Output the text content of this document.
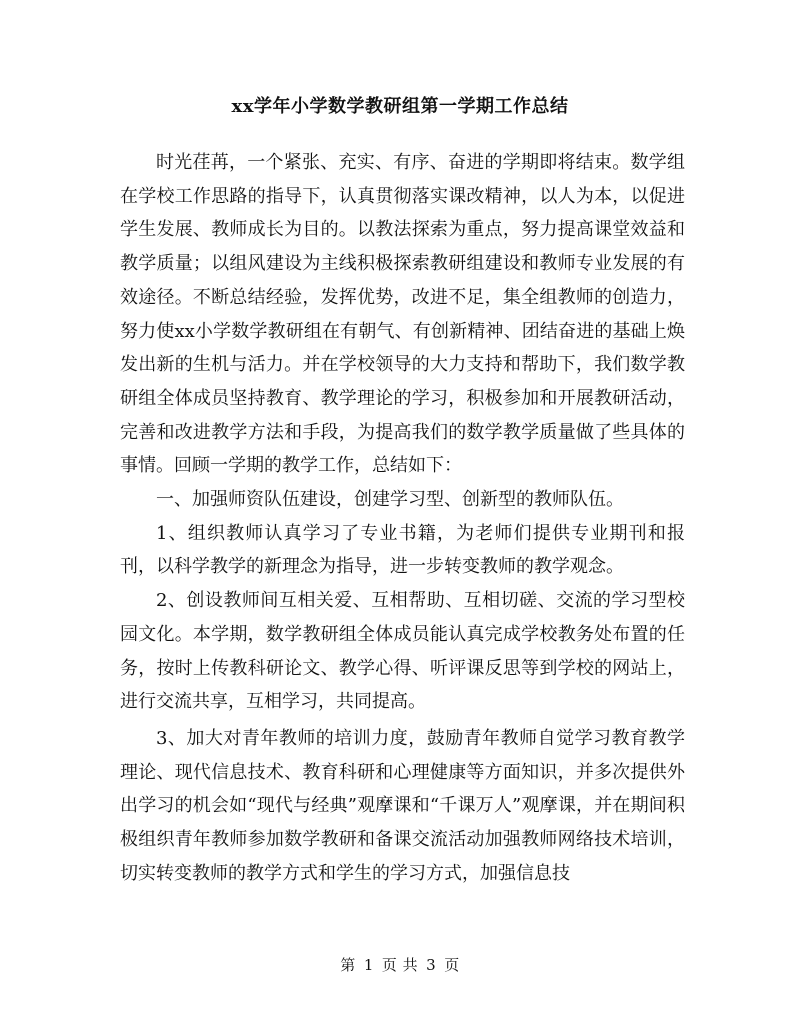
xx学年小学数学教研组第一学期工作总结

时光荏苒，一个紧张、充实、有序、奋进的学期即将结束。数学组在学校工作思路的指导下，认真贯彻落实课改精神，以人为本，以促进学生发展、教师成长为目的。以教法探索为重点，努力提高课堂效益和教学质量；以组风建设为主线积极探索教研组建设和教师专业发展的有效途径。不断总结经验，发挥优势，改进不足，集全组教师的创造力，努力使xx小学数学教研组在有朝气、有创新精神、团结奋进的基础上焕发出新的生机与活力。并在学校领导的大力支持和帮助下，我们数学教研组全体成员坚持教育、教学理论的学习，积极参加和开展教研活动，完善和改进教学方法和手段，为提高我们的数学教学质量做了些具体的事情。回顾一学期的教学工作，总结如下：

一、加强师资队伍建设，创建学习型、创新型的教师队伍。

1、组织教师认真学习了专业书籍，为老师们提供专业期刊和报刊，以科学教学的新理念为指导，进一步转变教师的教学观念。

2、创设教师间互相关爱、互相帮助、互相切磋、交流的学习型校园文化。本学期，数学教研组全体成员能认真完成学校教务处布置的任务，按时上传教科研论文、教学心得、听评课反思等到学校的网站上，进行交流共享，互相学习，共同提高。

3、加大对青年教师的培训力度，鼓励青年教师自觉学习教育教学理论、现代信息技术、教育科研和心理健康等方面知识，并多次提供外出学习的机会如“现代与经典”观摩课和“千课万人”观摩课，并在期间积极组织青年教师参加数学教研和备课交流活动加强教师网络技术培训，切实转变教师的教学方式和学生的学习方式，加强信息技

第 1 页 共 3 页
